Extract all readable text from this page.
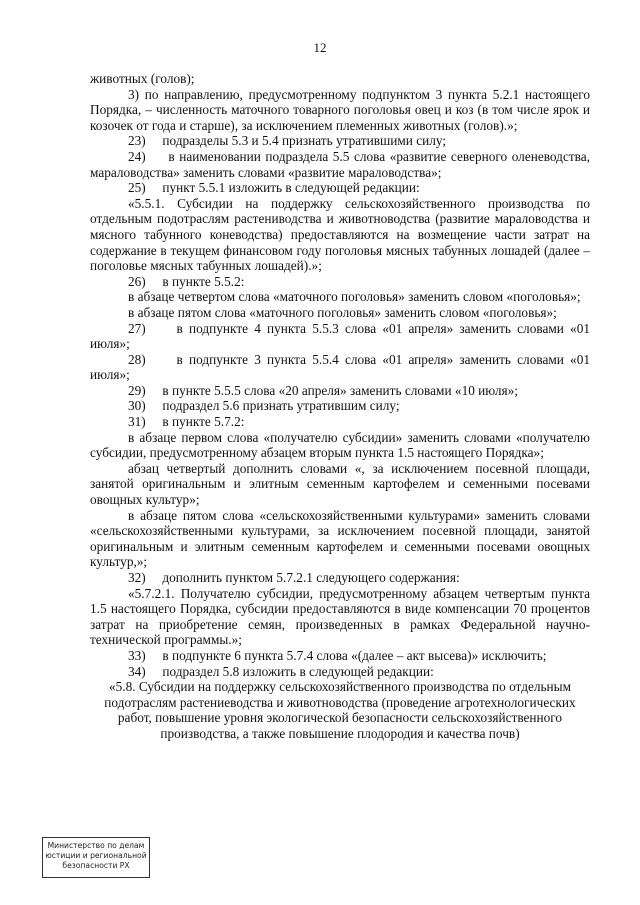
12

животных (голов);

3) по направлению, предусмотренному подпунктом 3 пункта 5.2.1 настоящего Порядка, – численность маточного товарного поголовья овец и коз (в том числе ярок и козочек от года и старше), за исключением племенных животных (голов).»;

23)     подразделы 5.3 и 5.4 признать утратившими силу;

24)     в наименовании подраздела 5.5 слова «развитие северного оленеводства, мараловодства» заменить словами «развитие мараловодства»;

25)     пункт 5.5.1 изложить в следующей редакции:

«5.5.1. Субсидии на поддержку сельскохозяйственного производства по отдельным подотраслям растениводства и животноводства (развитие мараловодства и мясного табунного коневодства) предоставляются на возмещение части затрат на содержание в текущем финансовом году поголовья мясных табунных лошадей (далее – поголовье мясных табунных лошадей).»;

26)     в пункте 5.5.2:

в абзаце четвертом слова «маточного поголовья» заменить словом «поголовья»;

в абзаце пятом слова «маточного поголовья» заменить словом «поголовья»;

27)     в подпункте 4 пункта 5.5.3 слова «01 апреля» заменить словами «01 июля»;

28)     в подпункте 3 пункта 5.5.4 слова «01 апреля» заменить словами «01 июля»;

29)     в пункте 5.5.5 слова «20 апреля» заменить словами «10 июля»;

30)     подраздел 5.6 признать утратившим силу;

31)     в пункте 5.7.2:

в абзаце первом слова «получателю субсидии» заменить словами «получателю субсидии, предусмотренному абзацем вторым пункта 1.5 настоящего Порядка»;

абзац четвертый дополнить словами «, за исключением посевной площади, занятой оригинальным и элитным семенным картофелем и семенными посевами овощных культур»;

в абзаце пятом слова «сельскохозяйственными культурами» заменить словами «сельскохозяйственными культурами, за исключением посевной площади, занятой оригинальным и элитным семенным картофелем и семенными посевами овощных культур,»;

32)     дополнить пунктом 5.7.2.1 следующего содержания:

«5.7.2.1. Получателю субсидии, предусмотренному абзацем четвертым пункта 1.5 настоящего Порядка, субсидии предоставляются в виде компенсации 70 процентов затрат на приобретение семян, произведенных в рамках Федеральной научно-технической программы.»;

33)     в подпункте 6 пункта 5.7.4 слова «(далее – акт высева)» исключить;

34)     подраздел 5.8 изложить в следующей редакции:

«5.8. Субсидии на поддержку сельскохозяйственного производства по отдельным подотраслям растениеводства и животноводства (проведение агротехнологических работ, повышение уровня экологической безопасности сельскохозяйственного производства, а также повышение плодородия и качества почв)

Министерство по делам
юстиции и региональной
безопасности РХ
